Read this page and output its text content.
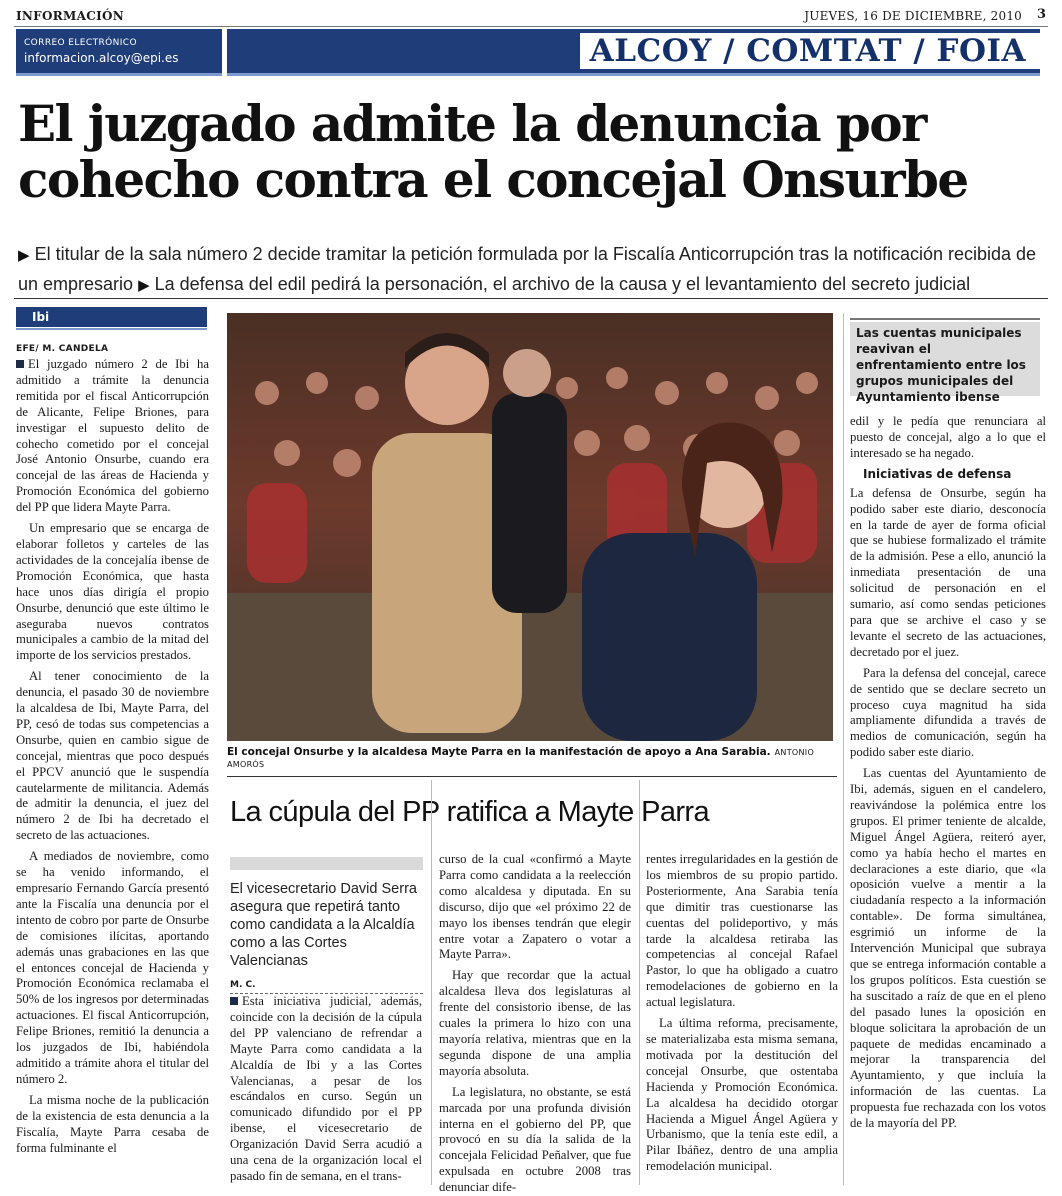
INFORMACIÓN	JUEVES, 16 DE DICIEMBRE, 2010 3
CORREO ELECTRÓNICO
informacion.alcoy@epi.es	ALCOY / COMTAT / FOIA
El juzgado admite la denuncia por
cohecho contra el concejal Onsurbe

▶ El titular de la sala número 2 decide tramitar la petición formulada por la Fiscalía Anticorrupción tras la notificación recibida de un empresario ▶ La defensa del edil pedirá la personación, el archivo de la causa y el levantamiento del secreto judicial

Ibi
EFE/ M. CANDELA

El juzgado número 2 de Ibi ha admitido a trámite la denuncia remitida por el fiscal Anticorrupción de Alicante, Felipe Briones, para investigar el supuesto delito de cohecho cometido por el concejal José Antonio Onsurbe, cuando era concejal de las áreas de Hacienda y Promoción Económica del gobierno del PP que lidera Mayte Parra.

Un empresario que se encarga de elaborar folletos y carteles de las actividades de la concejalía ibense de Promoción Económica, que hasta hace unos días dirigía el propio Onsurbe, denunció que este último le aseguraba nuevos contratos municipales a cambio de la mitad del importe de los servicios prestados.

Al tener conocimiento de la denuncia, el pasado 30 de noviembre la alcaldesa de Ibi, Mayte Parra, del PP, cesó de todas sus competencias a Onsurbe, quien en cambio sigue de concejal, mientras que poco después el PPCV anunció que le suspendía cautelarmente de militancia. Además de admitir la denuncia, el juez del número 2 de Ibi ha decretado el secreto de las actuaciones.

A mediados de noviembre, como se ha venido informando, el empresario Fernando García presentó ante la Fiscalía una denuncia por el intento de cobro por parte de Onsurbe de comisiones ilícitas, aportando además unas grabaciones en las que el entonces concejal de Hacienda y Promoción Económica reclamaba el 50% de los ingresos por determinadas actuaciones. El fiscal Anticorrupción, Felipe Briones, remitió la denuncia a los juzgados de Ibi, habiéndola admitido a trámite ahora el titular del número 2.

La misma noche de la publicación de la existencia de esta denuncia a la Fiscalía, Mayte Parra cesaba de forma fulminante el

El concejal Onsurbe y la alcaldesa Mayte Parra en la manifestación de apoyo a Ana Sarabia. ANTONIO AMORÓS
Las cuentas municipales reavivan el enfrentamiento entre los grupos municipales del Ayuntamiento ibense

edil y le pedía que renunciara al puesto de concejal, algo a lo que el interesado se ha negado.

Iniciativas de defensa

La defensa de Onsurbe, según ha podido saber este diario, desconocía en la tarde de ayer de forma oficial que se hubiese formalizado el trámite de la admisión. Pese a ello, anunció la inmediata presentación de una solicitud de personación en el sumario, así como sendas peticiones para que se archive el caso y se levante el secreto de las actuaciones, decretado por el juez.

Para la defensa del concejal, carece de sentido que se declare secreto un proceso cuya magnitud ha sida ampliamente difundida a través de medios de comunicación, según ha podido saber este diario.

Las cuentas del Ayuntamiento de Ibi, además, siguen en el candelero, reavivándose la polémica entre los grupos. El primer teniente de alcalde, Miguel Ángel Agüera, reiteró ayer, como ya había hecho el martes en declaraciones a este diario, que «la oposición vuelve a mentir a la ciudadanía respecto a la información contable». De forma simultánea, esgrimió un informe de la Intervención Municipal que subraya que se entrega información contable a los grupos políticos. Esta cuestión se ha suscitado a raíz de que en el pleno del pasado lunes la oposición en bloque solicitara la aprobación de un paquete de medidas encaminado a mejorar la transparencia del Ayuntamiento, y que incluía la información de las cuentas. La propuesta fue rechazada con los votos de la mayoría del PP.

La cúpula del PP ratifica a Mayte Parra

El vicesecretario David Serra asegura que repetirá tanto como candidata a la Alcaldía como a las Cortes Valencianas

M. C.

Esta iniciativa judicial, además, coincide con la decisión de la cúpula del PP valenciano de refrendar a Mayte Parra como candidata a la Alcaldía de Ibi y a las Cortes Valencianas, a pesar de los escándalos en curso. Según un comunicado difundido por el PP ibense, el vicesecretario de Organización David Serra acudió a una cena de la organización local el pasado fin de semana, en el trans-

curso de la cual «confirmó a Mayte Parra como candidata a la reelección como alcaldesa y diputada. En su discurso, dijo que «el próximo 22 de mayo los ibenses tendrán que elegir entre votar a Zapatero o votar a Mayte Parra».

Hay que recordar que la actual alcaldesa lleva dos legislaturas al frente del consistorio ibense, de las cuales la primera lo hizo con una mayoría relativa, mientras que en la segunda dispone de una amplia mayoría absoluta.

La legislatura, no obstante, se está marcada por una profunda división interna en el gobierno del PP, que provocó en su día la salida de la concejala Felicidad Peñalver, que fue expulsada en octubre 2008 tras denunciar dife-

rentes irregularidades en la gestión de los miembros de su propio partido. Posteriormente, Ana Sarabia tenía que dimitir tras cuestionarse las cuentas del polideportivo, y más tarde la alcaldesa retiraba las competencias al concejal Rafael Pastor, lo que ha obligado a cuatro remodelaciones de gobierno en la actual legislatura.

La última reforma, precisamente, se materializaba esta misma semana, motivada por la destitución del concejal Onsurbe, que ostentaba Hacienda y Promoción Económica. La alcaldesa ha decidido otorgar Hacienda a Miguel Ángel Agüera y Urbanismo, que la tenía este edil, a Pilar Ibáñez, dentro de una amplia remodelación municipal.
